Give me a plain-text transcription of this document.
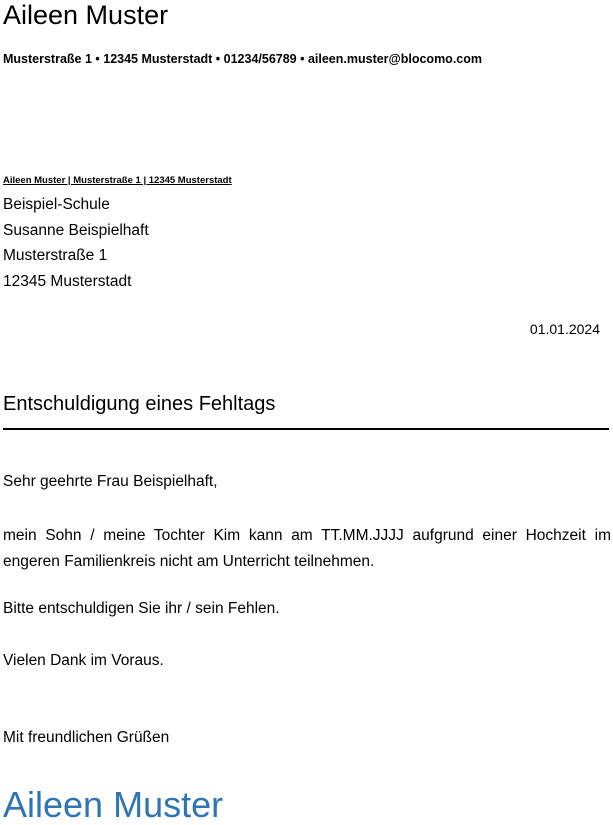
Aileen Muster
Musterstraße 1 • 12345 Musterstadt • 01234/56789 • aileen.muster@blocomo.com
Aileen Muster | Musterstraße 1 | 12345 Musterstadt
Beispiel-Schule
Susanne Beispielhaft
Musterstraße 1
12345 Musterstadt
01.01.2024
Entschuldigung eines Fehltags
Sehr geehrte Frau Beispielhaft,
mein Sohn / meine Tochter Kim kann am TT.MM.JJJJ aufgrund einer Hochzeit im engeren Familienkreis nicht am Unterricht teilnehmen.
Bitte entschuldigen Sie ihr / sein Fehlen.
Vielen Dank im Voraus.
Mit freundlichen Grüßen
Aileen Muster
